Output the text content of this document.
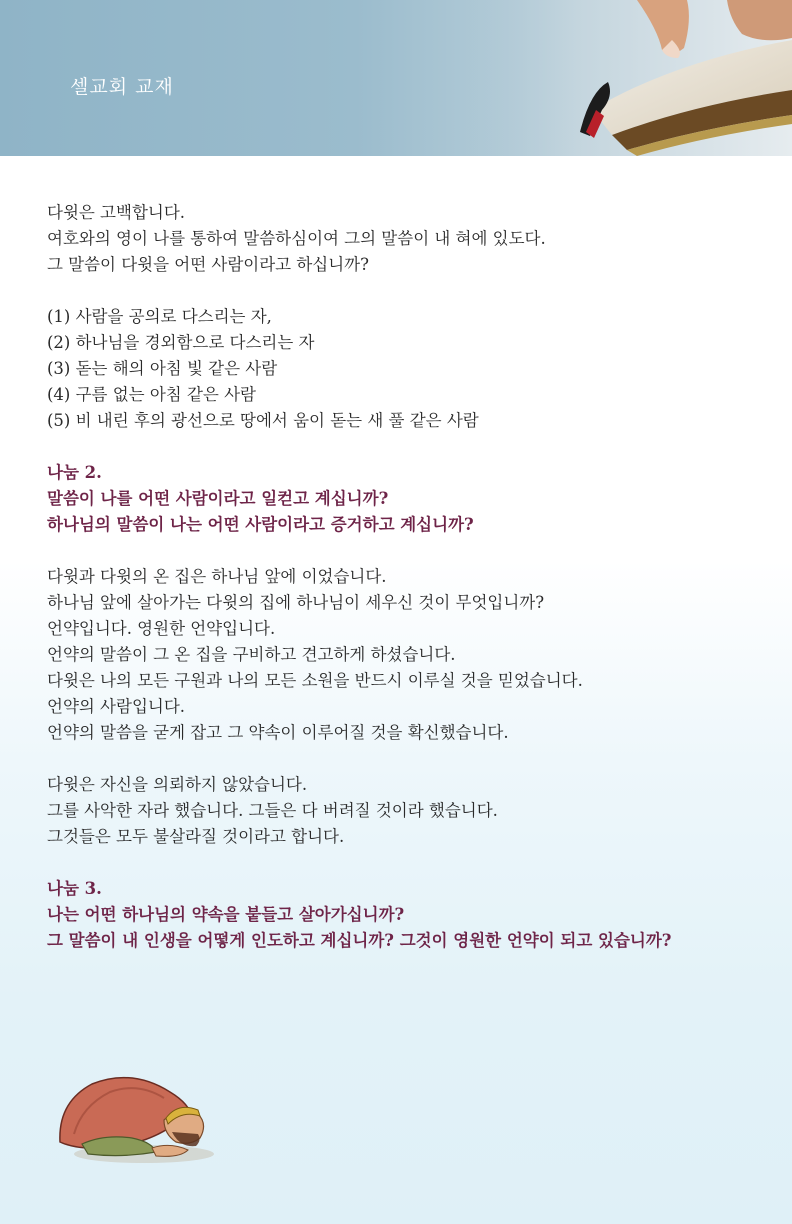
셀교회 교재
다윗은 고백합니다.
여호와의 영이 나를 통하여 말씀하심이여 그의 말씀이 내 혀에 있도다.
그 말씀이 다윗을 어떤 사람이라고 하십니까?
(1) 사람을 공의로 다스리는 자,
(2) 하나님을 경외함으로 다스리는 자
(3) 돋는 해의 아침 빛 같은 사람
(4) 구름 없는 아침 같은 사람
(5) 비 내린 후의 광선으로 땅에서 움이 돋는 새 풀 같은 사람
나눔 2.
말씀이 나를 어떤 사람이라고 일컫고 계십니까?
하나님의 말씀이 나는 어떤 사람이라고 증거하고 계십니까?
다윗과 다윗의 온 집은 하나님 앞에 이었습니다.
하나님 앞에 살아가는 다윗의 집에 하나님이 세우신 것이 무엇입니까?
언약입니다. 영원한 언약입니다.
언약의 말씀이 그 온 집을 구비하고 견고하게 하셨습니다.
다윗은 나의 모든 구원과 나의 모든 소원을 반드시 이루실 것을 믿었습니다.
언약의 사람입니다.
언약의 말씀을 굳게 잡고 그 약속이 이루어질 것을 확신했습니다.
다윗은 자신을 의뢰하지 않았습니다.
그를 사악한 자라 했습니다. 그들은 다 버려질 것이라 했습니다.
그것들은 모두 불살라질 것이라고 합니다.
나눔 3.
나는 어떤 하나님의 약속을 붙들고 살아가십니까?
그 말씀이 내 인생을 어떻게 인도하고 계십니까? 그것이 영원한 언약이 되고 있습니까?
